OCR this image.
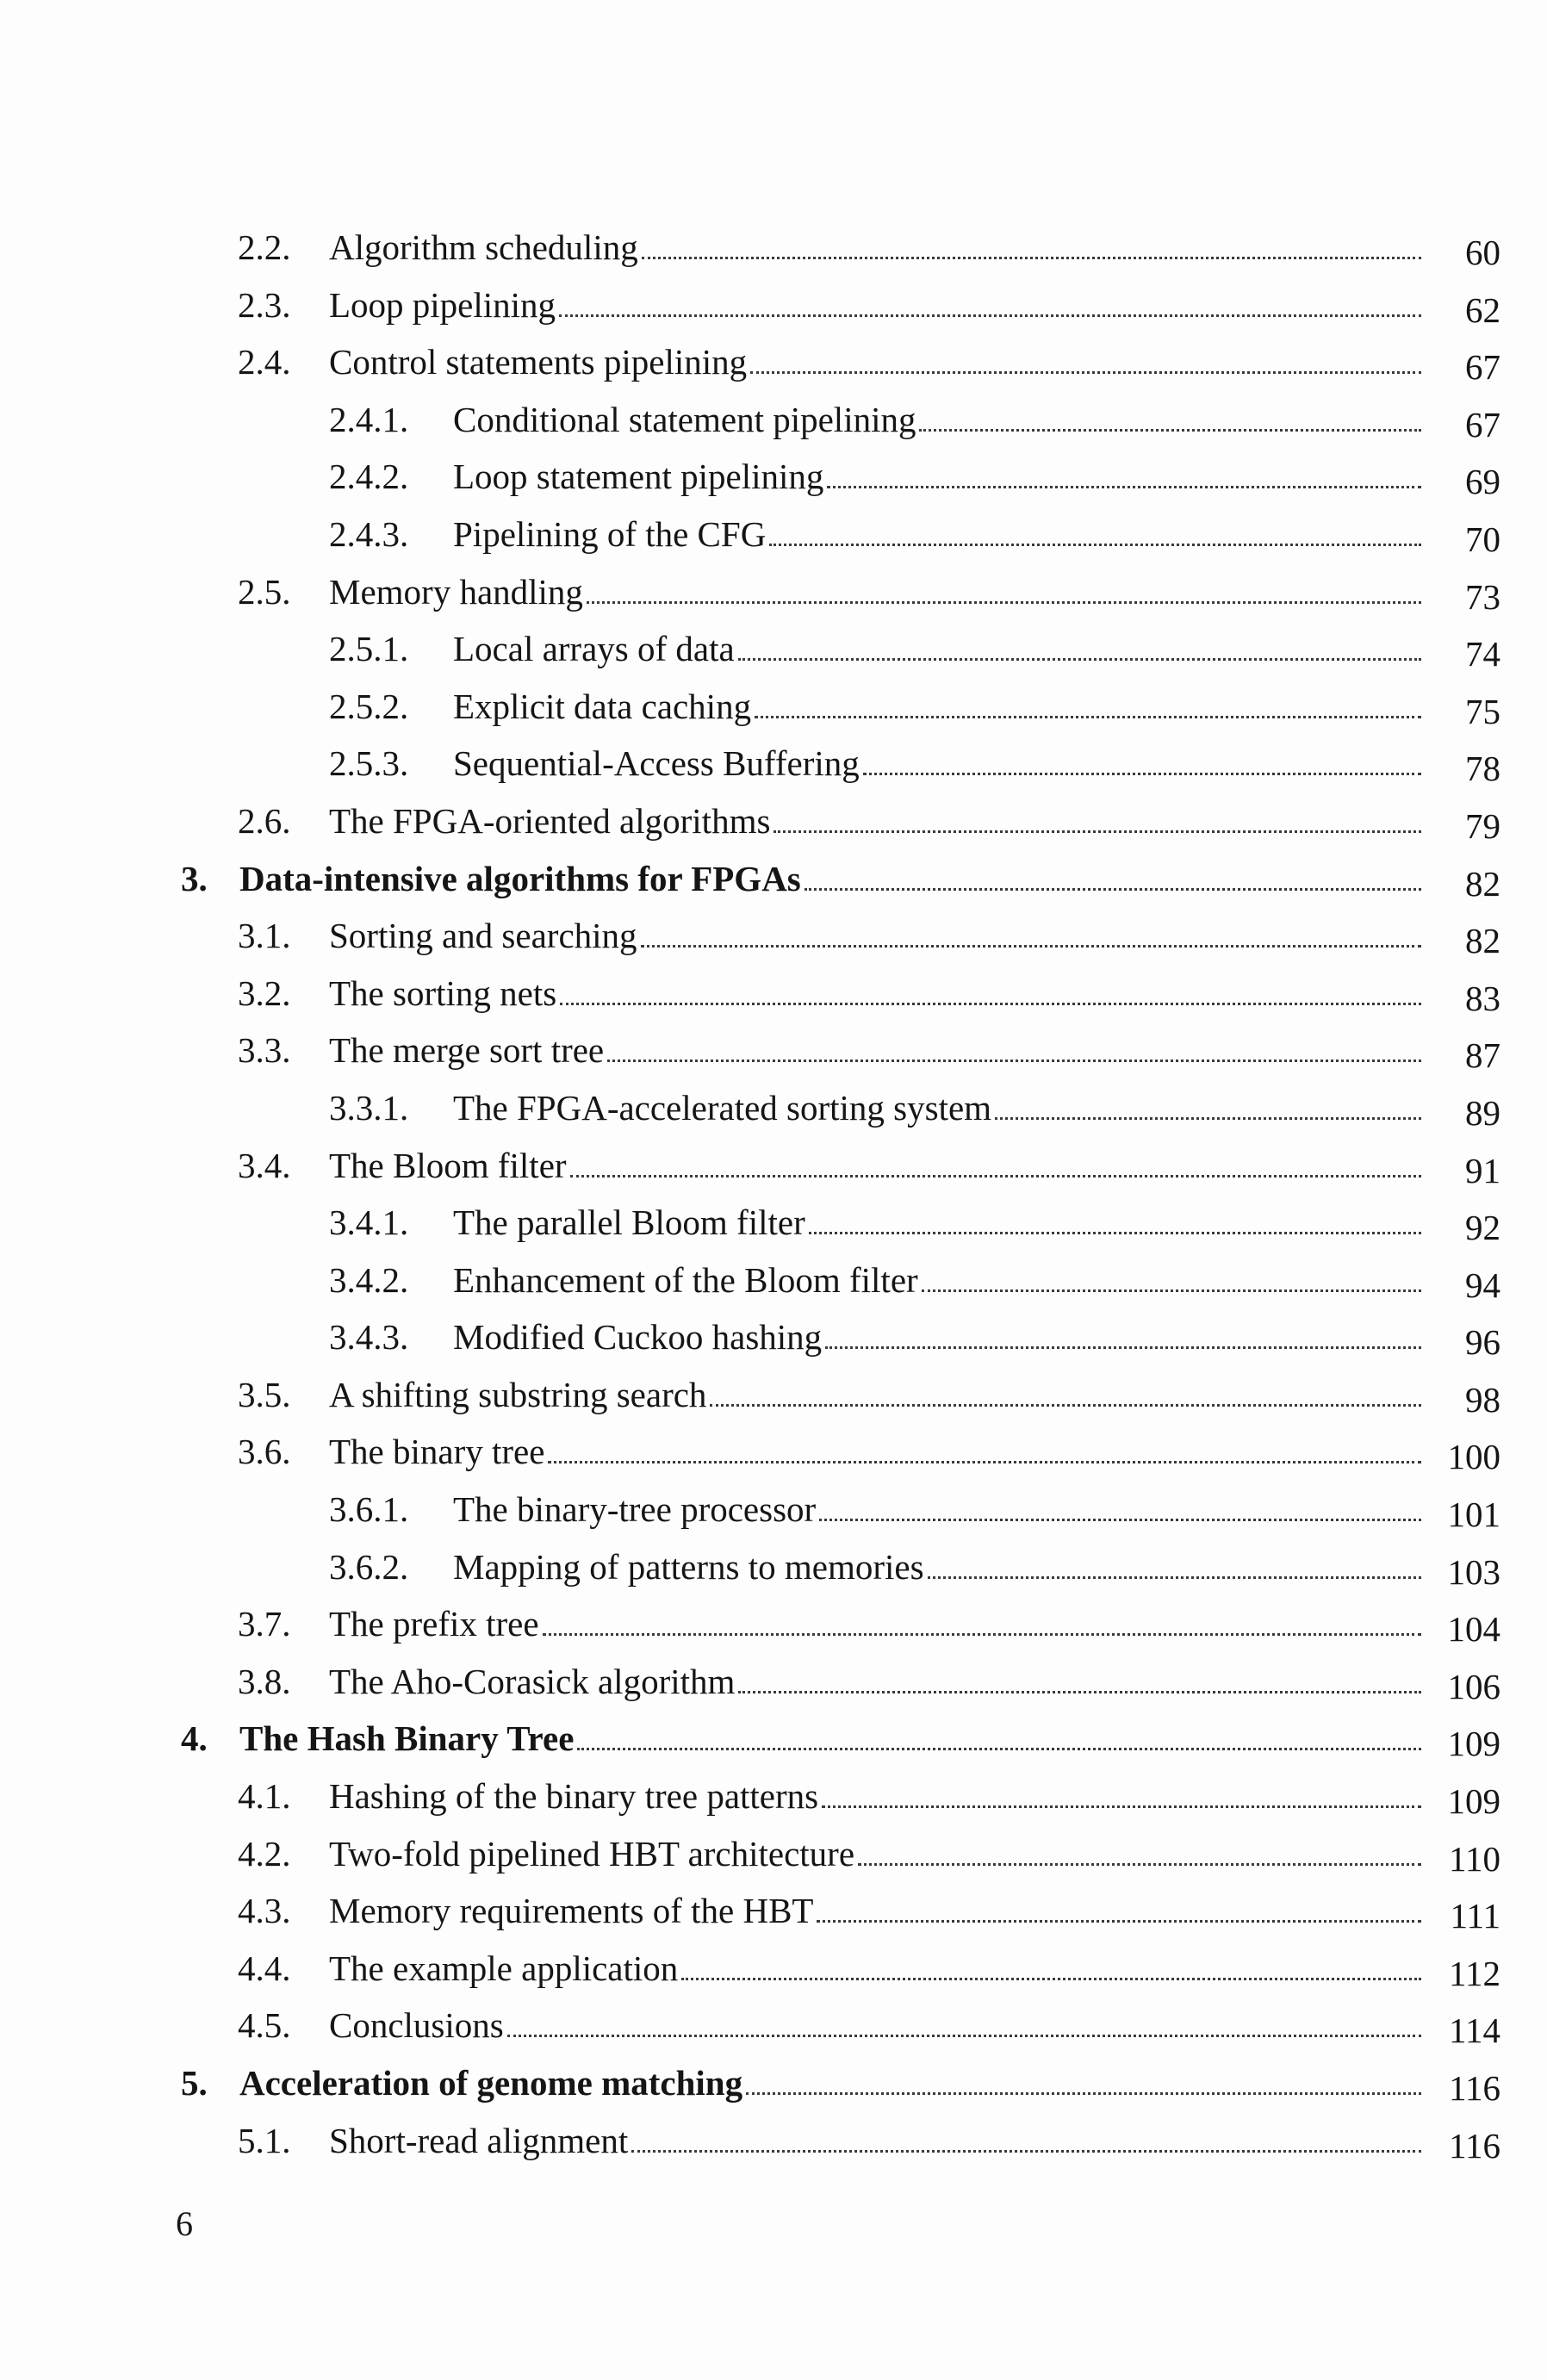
2.2. Algorithm scheduling	60
2.3. Loop pipelining	62
2.4. Control statements pipelining	67
2.4.1. Conditional statement pipelining	67
2.4.2. Loop statement pipelining	69
2.4.3. Pipelining of the CFG	70
2.5. Memory handling	73
2.5.1. Local arrays of data	74
2.5.2. Explicit data caching	75
2.5.3. Sequential-Access Buffering	78
2.6. The FPGA-oriented algorithms	79
3. Data-intensive algorithms for FPGAs	82
3.1. Sorting and searching	82
3.2. The sorting nets	83
3.3. The merge sort tree	87
3.3.1. The FPGA-accelerated sorting system	89
3.4. The Bloom filter	91
3.4.1. The parallel Bloom filter	92
3.4.2. Enhancement of the Bloom filter	94
3.4.3. Modified Cuckoo hashing	96
3.5. A shifting substring search	98
3.6. The binary tree	100
3.6.1. The binary-tree processor	101
3.6.2. Mapping of patterns to memories	103
3.7. The prefix tree	104
3.8. The Aho-Corasick algorithm	106
4. The Hash Binary Tree	109
4.1. Hashing of the binary tree patterns	109
4.2. Two-fold pipelined HBT architecture	110
4.3. Memory requirements of the HBT	111
4.4. The example application	112
4.5. Conclusions	114
5. Acceleration of genome matching	116
5.1. Short-read alignment	116
6
